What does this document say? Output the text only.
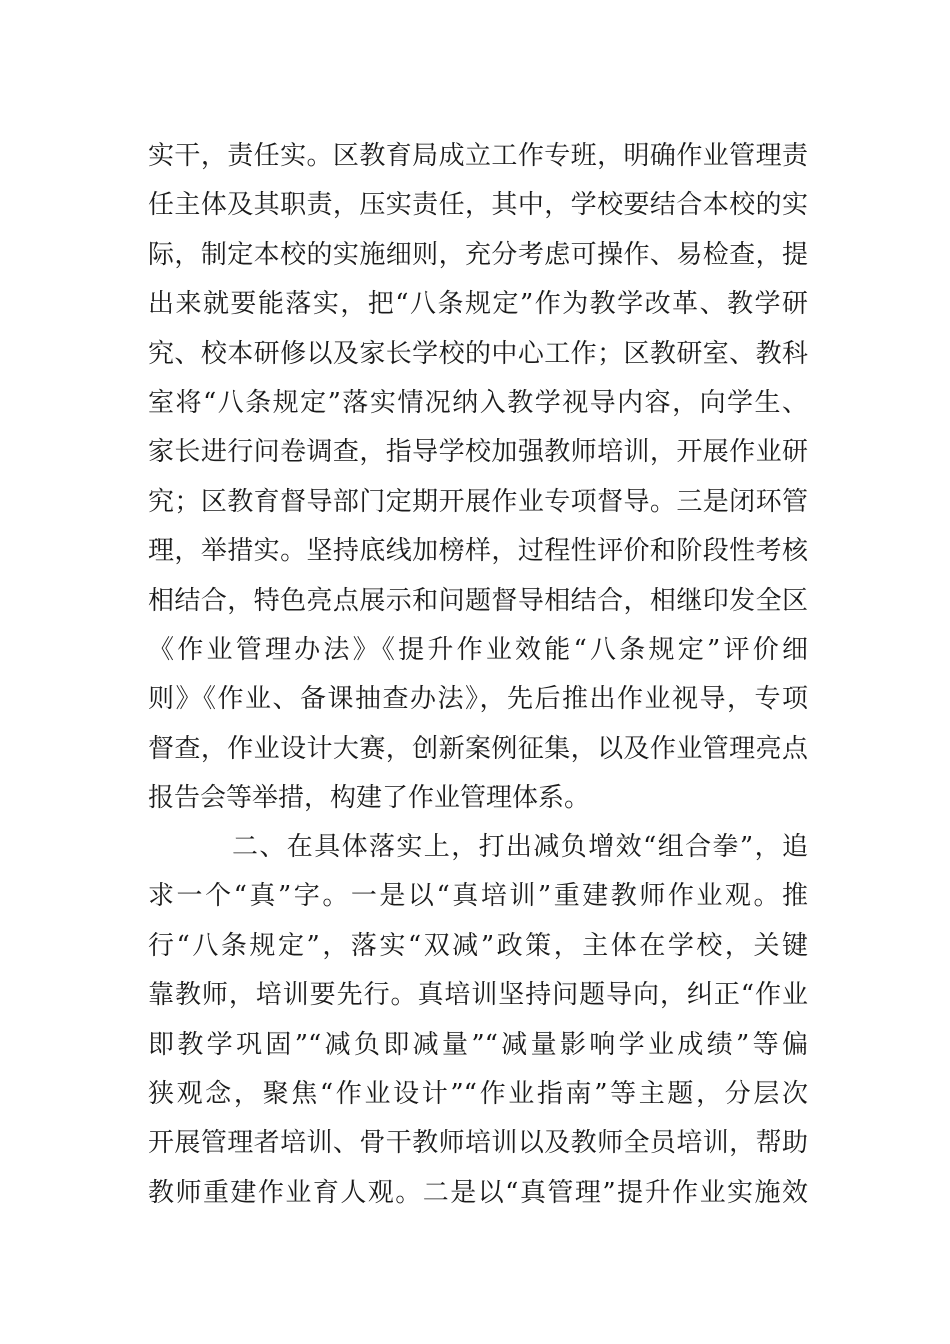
实干，责任实。区教育局成立工作专班，明确作业管理责
任主体及其职责，压实责任，其中，学校要结合本校的实
际，制定本校的实施细则，充分考虑可操作、易检查，提
出来就要能落实，把“八条规定”作为教学改革、教学研
究、校本研修以及家长学校的中心工作；区教研室、教科
室将“八条规定”落实情况纳入教学视导内容，向学生、
家长进行问卷调查，指导学校加强教师培训，开展作业研
究；区教育督导部门定期开展作业专项督导。三是闭环管
理，举措实。坚持底线加榜样，过程性评价和阶段性考核
相结合，特色亮点展示和问题督导相结合，相继印发全区
《作业管理办法》《提升作业效能“八条规定”评价细
则》《作业、备课抽查办法》，先后推出作业视导，专项
督查，作业设计大赛，创新案例征集，以及作业管理亮点
报告会等举措，构建了作业管理体系。
二、在具体落实上，打出减负增效“组合拳”，追
求一个“真”字。一是以“真培训”重建教师作业观。推
行“八条规定”，落实“双减”政策，主体在学校，关键
靠教师，培训要先行。真培训坚持问题导向，纠正“作业
即教学巩固”“减负即减量”“减量影响学业成绩”等偏
狭观念，聚焦“作业设计”“作业指南”等主题，分层次
开展管理者培训、骨干教师培训以及教师全员培训，帮助
教师重建作业育人观。二是以“真管理”提升作业实施效
